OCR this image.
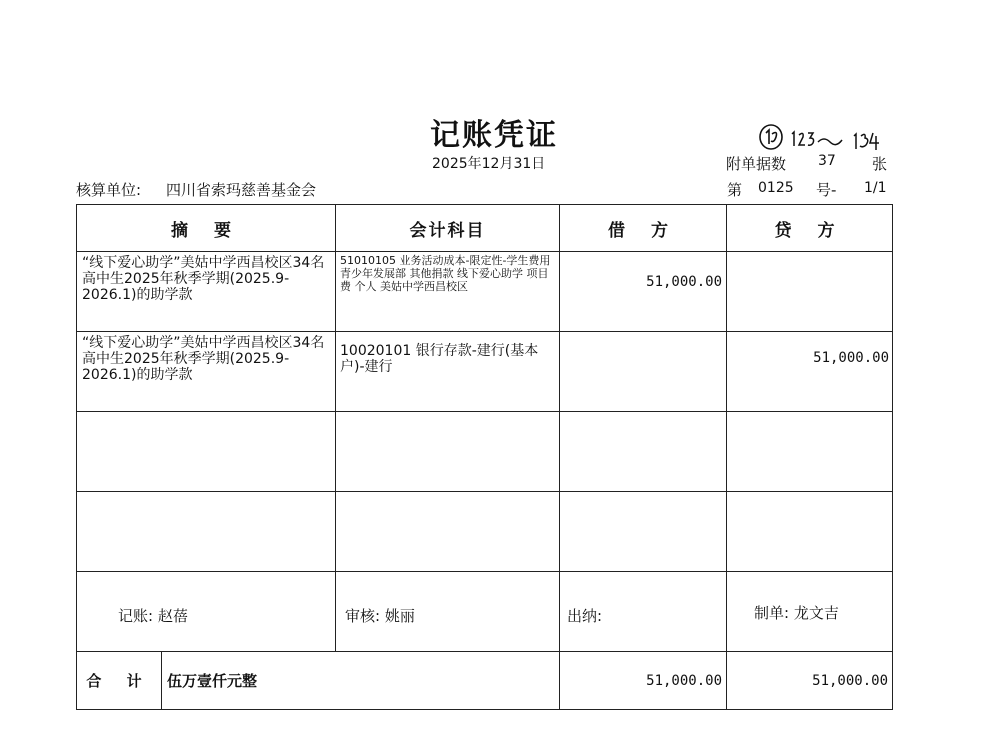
记账凭证
2025年12月31日	附单据数 37 张
核算单位: 四川省索玛慈善基金会	第 0125 号- 1/1
摘 要	会计科目	借 方	贷 方
“线下爱心助学”美姑中学西昌校区34名高中生2025年秋季学期(2025.9-2026.1)的助学款	51010105 业务活动成本-限定性-学生费用 青少年发展部 其他捐款 线下爱心助学 项目费 个人 美姑中学西昌校区	51,000.00	
“线下爱心助学”美姑中学西昌校区34名高中生2025年秋季学期(2025.9-2026.1)的助学款	10020101 银行存款-建行(基本户)-建行		51,000.00

合 计 伍万壹仟元整		51,000.00	51,000.00
记账: 赵蓓	审核: 姚丽	出纳:	制单: 龙文吉
